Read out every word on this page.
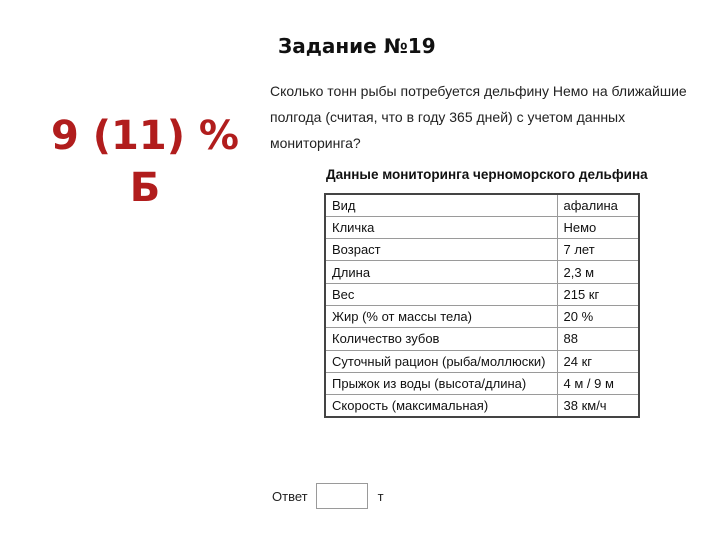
Задание №19
9 (11) %
Б
Сколько тонн рыбы потребуется дельфину Немо на ближайшие
полгода (считая, что в году 365 дней) с учетом данных
мониторинга?
Данные мониторинга черноморского дельфина
Вид	афалина
Кличка	Немо
Возраст	7 лет
Длина	2,3 м
Вес	215 кг
Жир (% от массы тела)	20 %
Количество зубов	88
Суточный рацион (рыба/моллюски)	24 кг
Прыжок из воды (высота/длина)	4 м / 9 м
Скорость (максимальная)	38 км/ч
Ответ	т
